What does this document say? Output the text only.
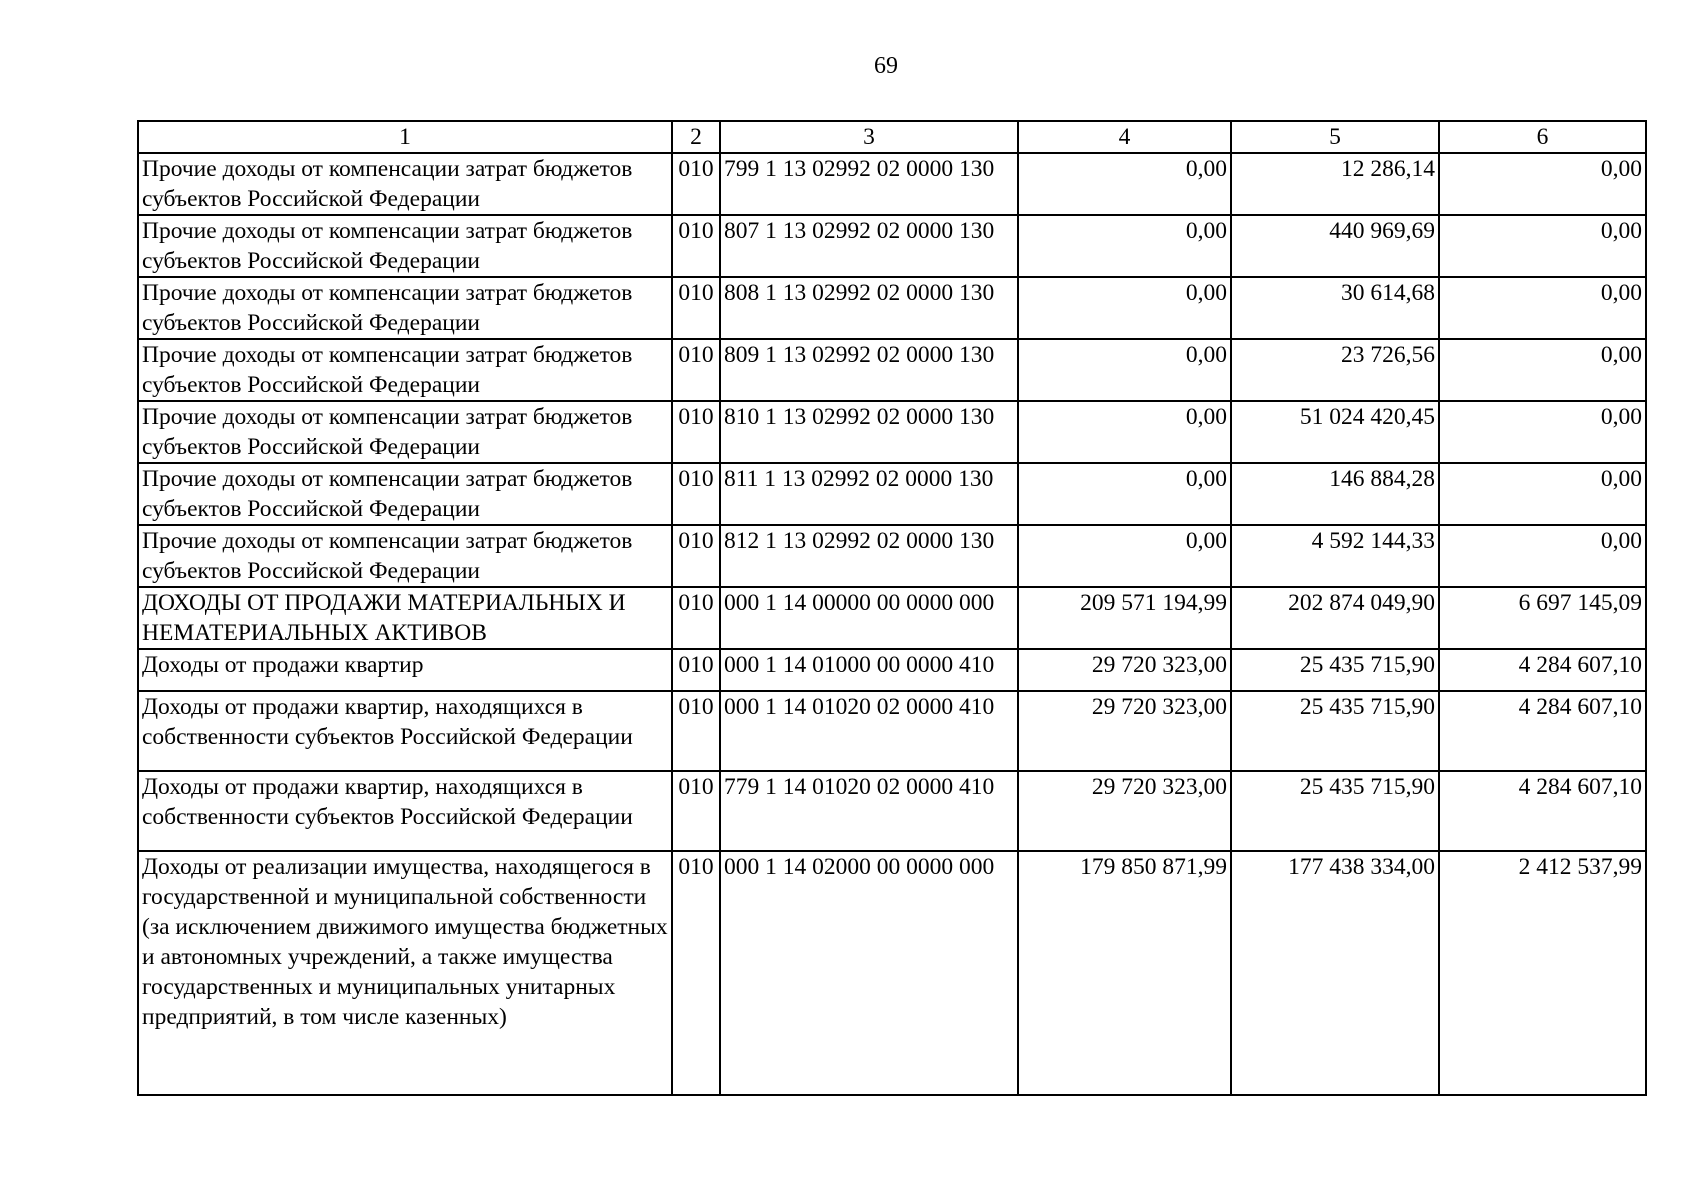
69
1	2	3	4	5	6
Прочие доходы от компенсации затрат бюджетов субъектов Российской Федерации	010	799 1 13 02992 02 0000 130	0,00	12 286,14	0,00
Прочие доходы от компенсации затрат бюджетов субъектов Российской Федерации	010	807 1 13 02992 02 0000 130	0,00	440 969,69	0,00
Прочие доходы от компенсации затрат бюджетов субъектов Российской Федерации	010	808 1 13 02992 02 0000 130	0,00	30 614,68	0,00
Прочие доходы от компенсации затрат бюджетов субъектов Российской Федерации	010	809 1 13 02992 02 0000 130	0,00	23 726,56	0,00
Прочие доходы от компенсации затрат бюджетов субъектов Российской Федерации	010	810 1 13 02992 02 0000 130	0,00	51 024 420,45	0,00
Прочие доходы от компенсации затрат бюджетов субъектов Российской Федерации	010	811 1 13 02992 02 0000 130	0,00	146 884,28	0,00
Прочие доходы от компенсации затрат бюджетов субъектов Российской Федерации	010	812 1 13 02992 02 0000 130	0,00	4 592 144,33	0,00
ДОХОДЫ ОТ ПРОДАЖИ МАТЕРИАЛЬНЫХ И НЕМАТЕРИАЛЬНЫХ АКТИВОВ	010	000 1 14 00000 00 0000 000	209 571 194,99	202 874 049,90	6 697 145,09
Доходы от продажи квартир	010	000 1 14 01000 00 0000 410	29 720 323,00	25 435 715,90	4 284 607,10
Доходы от продажи квартир, находящихся в собственности субъектов Российской Федерации	010	000 1 14 01020 02 0000 410	29 720 323,00	25 435 715,90	4 284 607,10
Доходы от продажи квартир, находящихся в собственности субъектов Российской Федерации	010	779 1 14 01020 02 0000 410	29 720 323,00	25 435 715,90	4 284 607,10
Доходы от реализации имущества, находящегося в государственной и муниципальной собственности (за исключением движимого имущества бюджетных и автономных учреждений, а также имущества государственных и муниципальных унитарных предприятий, в том числе казенных)	010	000 1 14 02000 00 0000 000	179 850 871,99	177 438 334,00	2 412 537,99
